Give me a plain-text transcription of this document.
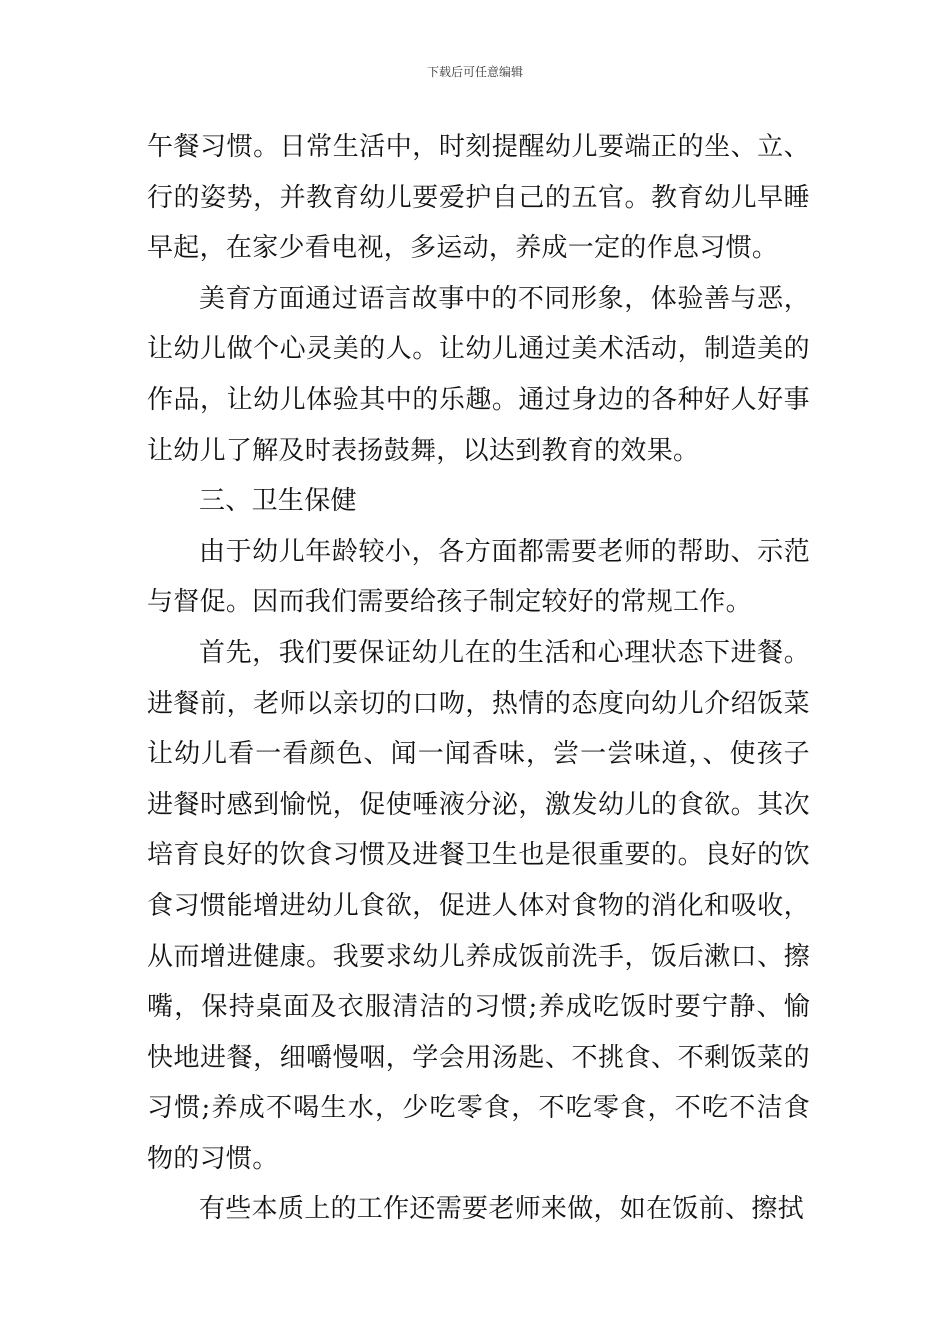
下载后可任意编辑

午餐习惯。日常生活中，时刻提醒幼儿要端正的坐、立、行的姿势，并教育幼儿要爱护自己的五官。教育幼儿早睡早起，在家少看电视，多运动，养成一定的作息习惯。

美育方面通过语言故事中的不同形象，体验善与恶，让幼儿做个心灵美的人。让幼儿通过美术活动，制造美的作品，让幼儿体验其中的乐趣。通过身边的各种好人好事让幼儿了解及时表扬鼓舞，以达到教育的效果。

三、卫生保健

由于幼儿年龄较小，各方面都需要老师的帮助、示范与督促。因而我们需要给孩子制定较好的常规工作。

首先，我们要保证幼儿在的生活和心理状态下进餐。进餐前，老师以亲切的口吻，热情的态度向幼儿介绍饭菜让幼儿看一看颜色、闻一闻香味，尝一尝味道，、使孩子进餐时感到愉悦，促使唾液分泌，激发幼儿的食欲。其次培育良好的饮食习惯及进餐卫生也是很重要的。良好的饮食习惯能增进幼儿食欲，促进人体对食物的消化和吸收，从而增进健康。我要求幼儿养成饭前洗手，饭后漱口、擦嘴，保持桌面及衣服清洁的习惯;养成吃饭时要宁静、愉快地进餐，细嚼慢咽，学会用汤匙、不挑食、不剩饭菜的习惯;养成不喝生水，少吃零食，不吃零食，不吃不洁食物的习惯。

有些本质上的工作还需要老师来做，如在饭前、擦拭
